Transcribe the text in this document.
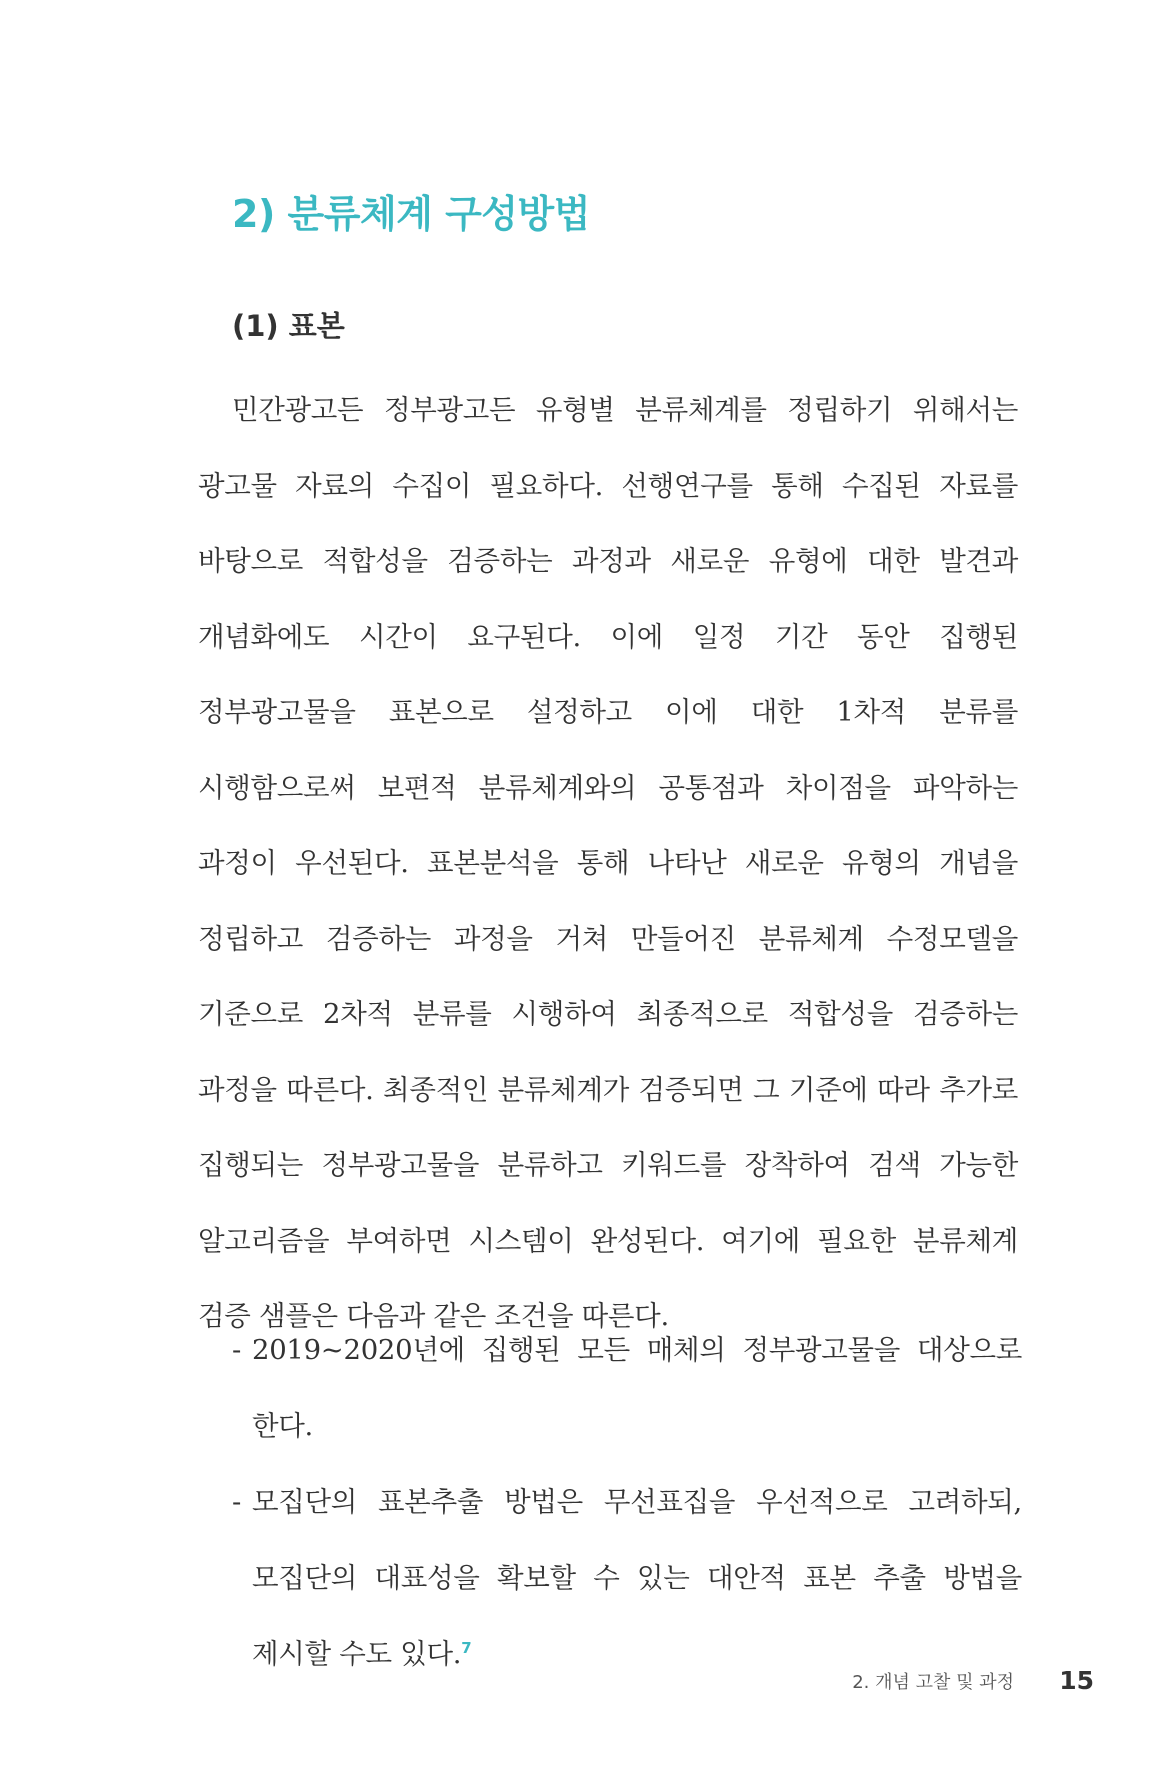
2) 분류체계 구성방법
(1) 표본

민간광고든 정부광고든 유형별 분류체계를 정립하기 위해서는 광고물 자료의 수집이 필요하다. 선행연구를 통해 수집된 자료를 바탕으로 적합성을 검증하는 과정과 새로운 유형에 대한 발견과 개념화에도 시간이 요구된다. 이에 일정 기간 동안 집행된 정부광고물을 표본으로 설정하고 이에 대한 1차적 분류를 시행함으로써 보편적 분류체계와의 공통점과 차이점을 파악하는 과정이 우선된다. 표본분석을 통해 나타난 새로운 유형의 개념을 정립하고 검증하는 과정을 거쳐 만들어진 분류체계 수정모델을 기준으로 2차적 분류를 시행하여 최종적으로 적합성을 검증하는 과정을 따른다. 최종적인 분류체계가 검증되면 그 기준에 따라 추가로 집행되는 정부광고물을 분류하고 키워드를 장착하여 검색 가능한 알고리즘을 부여하면 시스템이 완성된다. 여기에 필요한 분류체계 검증 샘플은 다음과 같은 조건을 따른다.

- 2019~2020년에 집행된 모든 매체의 정부광고물을 대상으로 한다.
- 모집단의 표본추출 방법은 무선표집을 우선적으로 고려하되, 모집단의 대표성을 확보할 수 있는 대안적 표본 추출 방법을 제시할 수도 있다.$^7$
2. 개념 고찰 및 과정 15
